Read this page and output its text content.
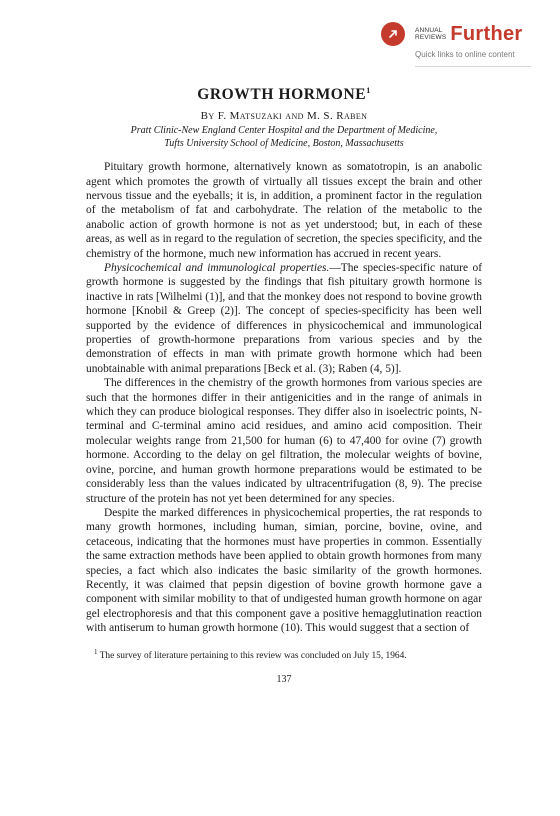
ANNUAL
REVIEWS Further
Quick links to online content
GROWTH HORMONE$^1$

By F. Matsuzaki and M. S. Raben

Pratt Clinic-New England Center Hospital and the Department of Medicine,

Tufts University School of Medicine, Boston, Massachusetts

Pituitary growth hormone, alternatively known as somatotropin, is an anabolic agent which promotes the growth of virtually all tissues except the brain and other nervous tissue and the eyeballs; it is, in addition, a prominent factor in the regulation of the metabolism of fat and carbohydrate. The relation of the metabolic to the anabolic action of growth hormone is not as yet understood; but, in each of these areas, as well as in regard to the regulation of secretion, the species specificity, and the chemistry of the hormone, much new information has accrued in recent years.

Physicochemical and immunological properties.—The species-specific nature of growth hormone is suggested by the findings that fish pituitary growth hormone is inactive in rats [Wilhelmi (1)], and that the monkey does not respond to bovine growth hormone [Knobil & Greep (2)]. The concept of species-specificity has been well supported by the evidence of differences in physicochemical and immunological properties of growth-hormone preparations from various species and by the demonstration of effects in man with primate growth hormone which had been unobtainable with animal preparations [Beck et al. (3); Raben (4, 5)].

The differences in the chemistry of the growth hormones from various species are such that the hormones differ in their antigenicities and in the range of animals in which they can produce biological responses. They differ also in isoelectric points, N-terminal and C-terminal amino acid residues, and amino acid composition. Their molecular weights range from 21,500 for human (6) to 47,400 for ovine (7) growth hormone. According to the delay on gel filtration, the molecular weights of bovine, ovine, porcine, and human growth hormone preparations would be estimated to be considerably less than the values indicated by ultracentrifugation (8, 9). The precise structure of the protein has not yet been determined for any species.

Despite the marked differences in physicochemical properties, the rat responds to many growth hormones, including human, simian, porcine, bovine, ovine, and cetaceous, indicating that the hormones must have properties in common. Essentially the same extraction methods have been applied to obtain growth hormones from many species, a fact which also indicates the basic similarity of the growth hormones. Recently, it was claimed that pepsin digestion of bovine growth hormone gave a component with similar mobility to that of undigested human growth hormone on agar gel electrophoresis and that this component gave a positive hemagglutination reaction with antiserum to human growth hormone (10). This would suggest that a section of

$^1$ The survey of literature pertaining to this review was concluded on July 15, 1964.
137
